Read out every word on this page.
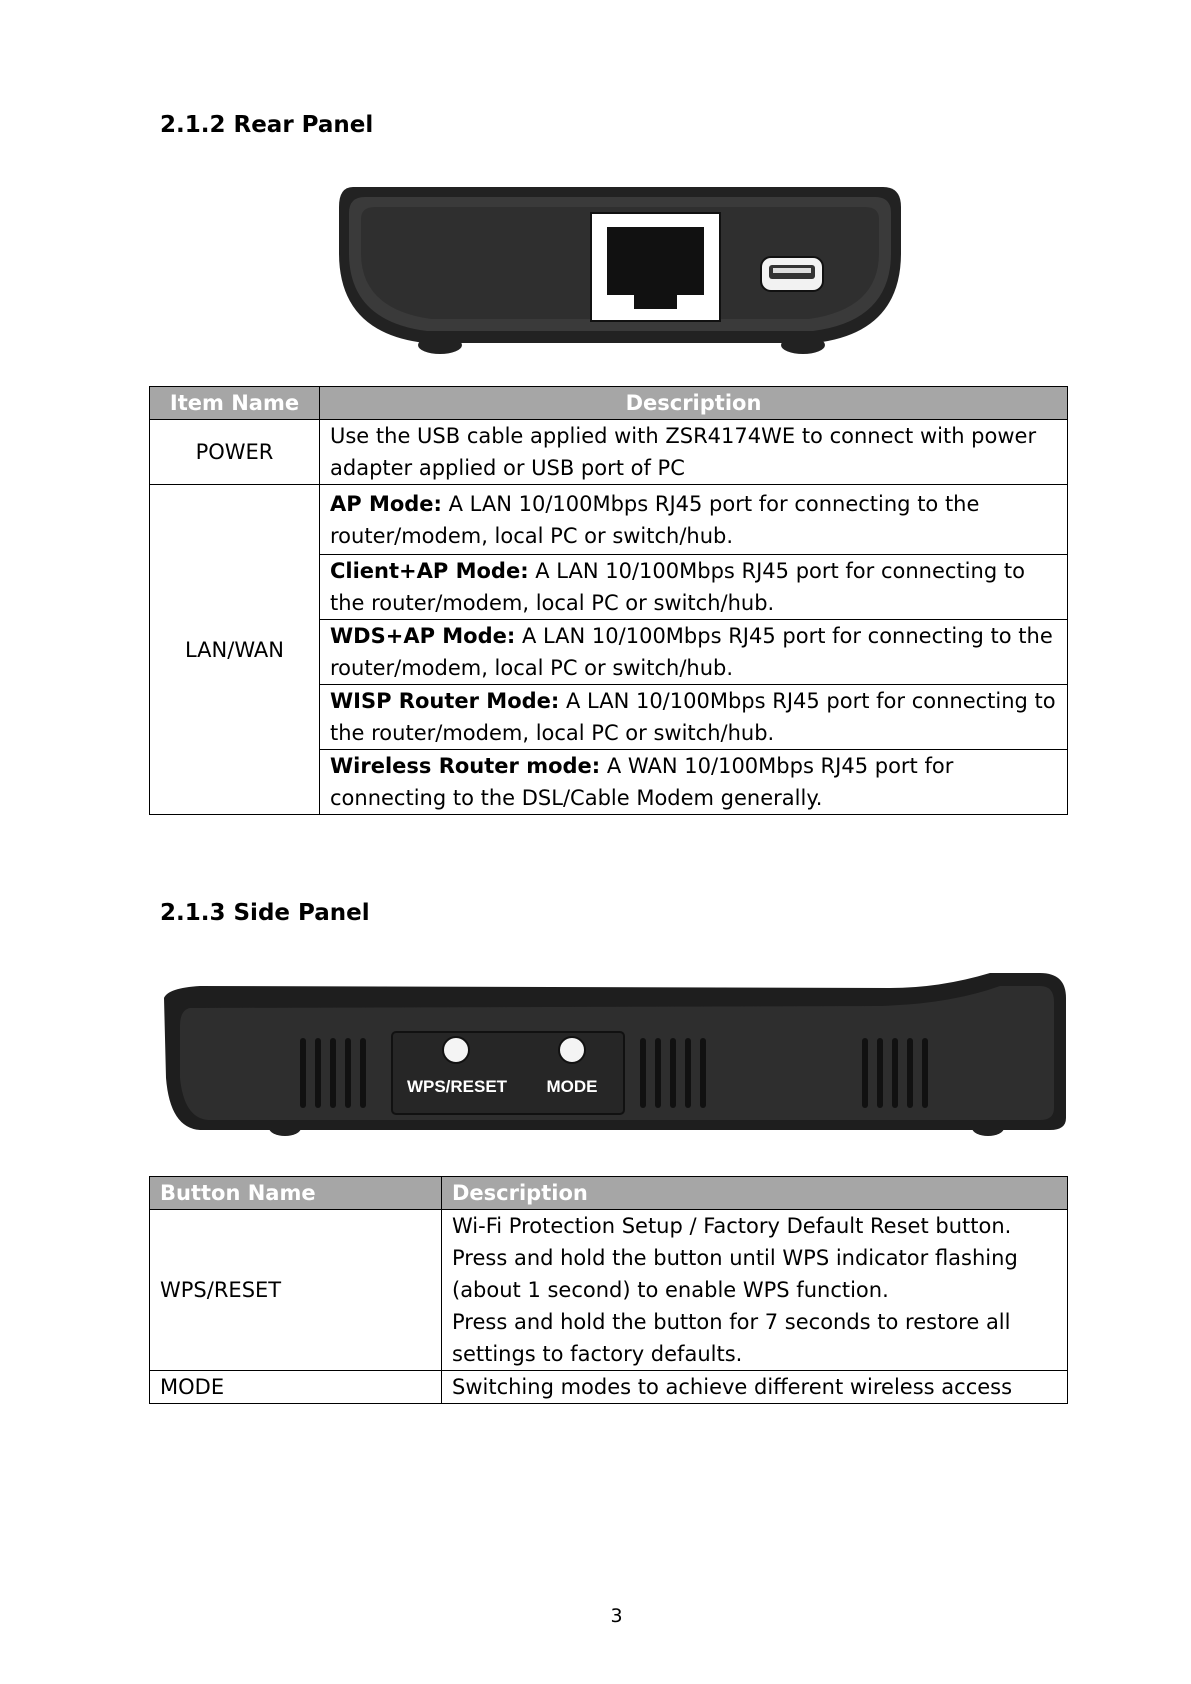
2.1.2 Rear Panel
Item Name	Description
POWER	Use the USB cable applied with ZSR4174WE to connect with power adapter applied or USB port of PC
LAN/WAN	AP Mode: A LAN 10/100Mbps RJ45 port for connecting to the router/modem, local PC or switch/hub.
	Client+AP Mode: A LAN 10/100Mbps RJ45 port for connecting to the router/modem, local PC or switch/hub.
	WDS+AP Mode: A LAN 10/100Mbps RJ45 port for connecting to the router/modem, local PC or switch/hub.
	WISP Router Mode: A LAN 10/100Mbps RJ45 port for connecting to the router/modem, local PC or switch/hub.
	Wireless Router mode: A WAN 10/100Mbps RJ45 port for connecting to the DSL/Cable Modem generally.
2.1.3 Side Panel
WPS/RESET MODE
Button Name	Description
WPS/RESET	Wi-Fi Protection Setup / Factory Default Reset button.
Press and hold the button until WPS indicator flashing (about 1 second) to enable WPS function.
Press and hold the button for 7 seconds to restore all settings to factory defaults.

MODE	Switching modes to achieve different wireless access
3
